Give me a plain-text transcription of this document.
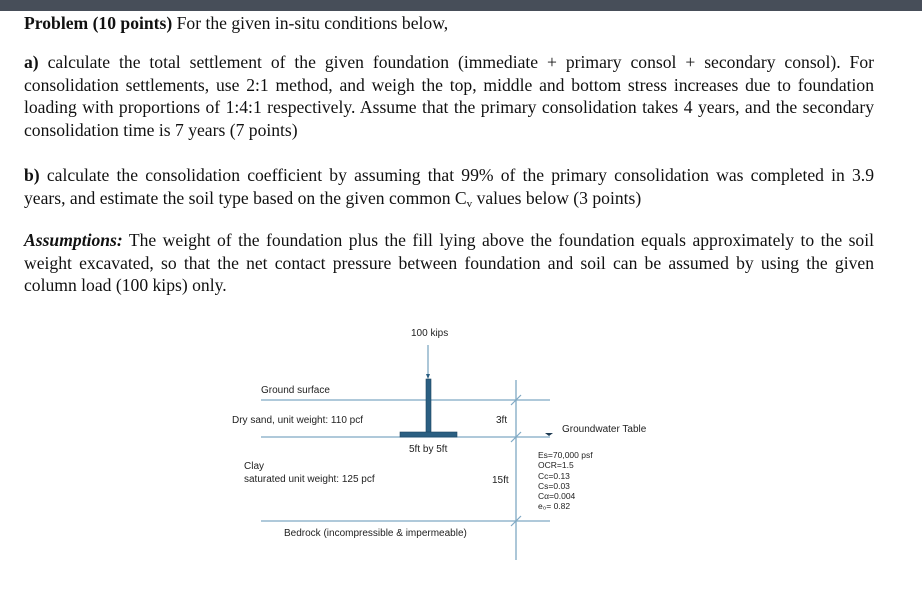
Problem (10 points) For the given in-situ conditions below,

a) calculate the total settlement of the given foundation (immediate + primary consol + secondary consol). For consolidation settlements, use 2:1 method, and weigh the top, middle and bottom stress increases due to foundation loading with proportions of 1:4:1 respectively. Assume that the primary consolidation takes 4 years, and the secondary consolidation time is 7 years (7 points)

b) calculate the consolidation coefficient by assuming that 99% of the primary consolidation was completed in 3.9 years, and estimate the soil type based on the given common $C_v$ values below (3 points)

Assumptions: The weight of the foundation plus the fill lying above the foundation equals approximately to the soil weight excavated, so that the net contact pressure between foundation and soil can be assumed by using the given column load (100 kips) only.

100 kips
Ground surface
Dry sand, unit weight: 110 pcf	3ft
Groundwater Table
5ft by 5ft
Clay
saturated unit weight: 125 pcf	15ft
Es=70,000 psf
OCR=1.5
Cc=0.13
Cs=0.03
Cα=0.004
e₀= 0.82
Bedrock (incompressible & impermeable)
